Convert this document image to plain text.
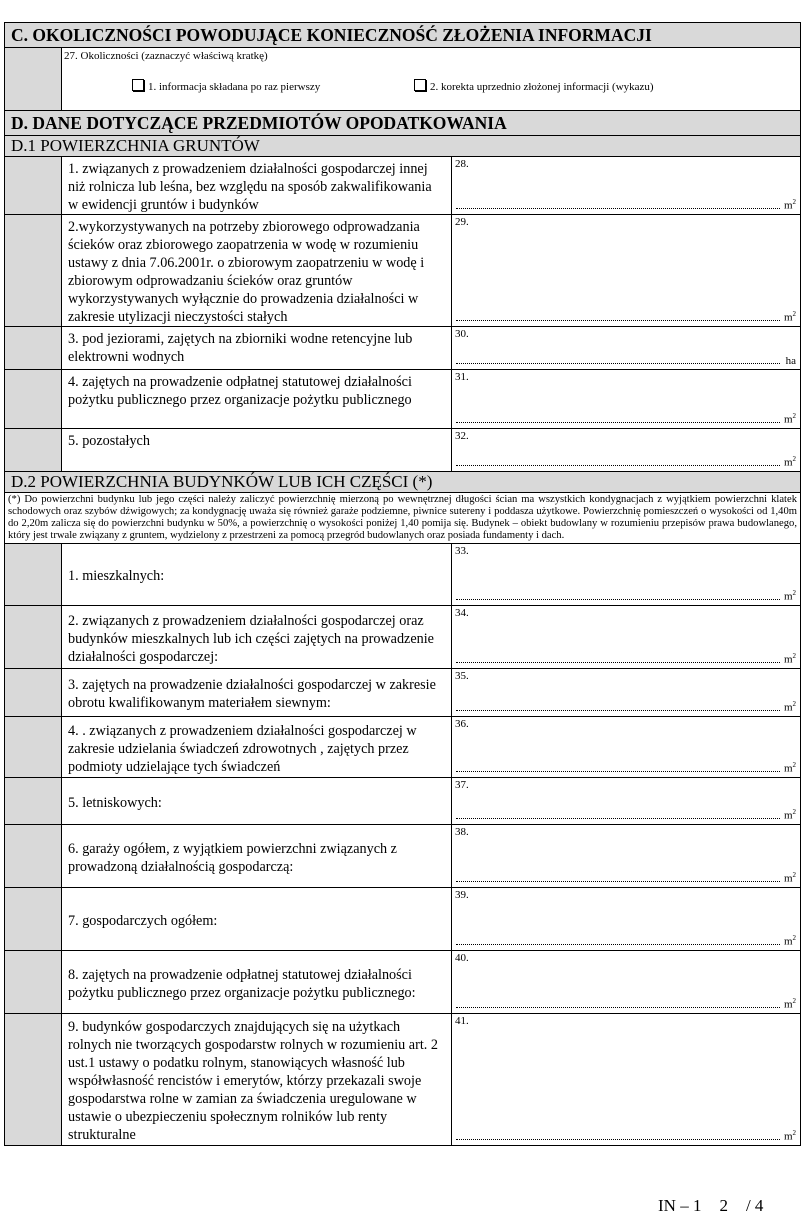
C. OKOLICZNOŚCI POWODUJĄCE KONIECZNOŚĆ ZŁOŻENIA INFORMACJI
27. Okoliczności (zaznaczyć właściwą kratkę)
1. informacja składana po raz pierwszy	2. korekta uprzednio złożonej informacji (wykazu)
D. DANE DOTYCZĄCE PRZEDMIOTÓW OPODATKOWANIA
D.1 POWIERZCHNIA GRUNTÓW
1. związanych z prowadzeniem działalności gospodarczej innej niż rolnicza lub leśna, bez względu na sposób zakwalifikowania w ewidencji gruntów i budynków
28.
$m^2$
2.wykorzystywanych na potrzeby zbiorowego odprowadzania ścieków oraz zbiorowego zaopatrzenia w wodę w rozumieniu ustawy z dnia 7.06.2001r. o zbiorowym zaopatrzeniu w wodę i zbiorowym odprowadzaniu ścieków oraz gruntów wykorzystywanych wyłącznie do prowadzenia działalności w zakresie utylizacji nieczystości stałych
29.
$m^2$
3. pod jeziorami, zajętych na zbiorniki wodne retencyjne lub elektrowni wodnych
30.
ha
4. zajętych na prowadzenie odpłatnej statutowej działalności pożytku publicznego przez organizacje pożytku publicznego
31.
$m^2$
5. pozostałych	32.
$m^2$
D.2 POWIERZCHNIA BUDYNKÓW LUB ICH CZĘŚCI (*)
(*) Do powierzchni budynku lub jego części należy zaliczyć powierzchnię mierzoną po wewnętrznej długości ścian ma wszystkich kondygnacjach z wyjątkiem powierzchni klatek schodowych oraz szybów dźwigowych; za kondygnację uważa się również garaże podziemne, piwnice sutereny i poddasza użytkowe. Powierzchnię pomieszczeń o wysokości od 1,40m do 2,20m zalicza się do powierzchni budynku w 50%, a powierzchnię o wysokości poniżej 1,40 pomija się. Budynek – obiekt budowlany w rozumieniu przepisów prawa budowlanego, który jest trwale związany z gruntem, wydzielony z przestrzeni za pomocą przegród budowlanych oraz posiada fundamenty i dach.
1. mieszkalnych:
33.
$m^2$
2. związanych z prowadzeniem działalności gospodarczej oraz budynków mieszkalnych lub ich części zajętych na prowadzenie działalności gospodarczej:
34.
$m^2$
3. zajętych na prowadzenie działalności gospodarczej w zakresie obrotu kwalifikowanym materiałem siewnym:
35.
$m^2$
4. . związanych z prowadzeniem działalności gospodarczej w zakresie udzielania świadczeń zdrowotnych , zajętych przez podmioty udzielające tych świadczeń
36.
$m^2$
5. letniskowych:
37.
$m^2$
6. garaży ogółem, z wyjątkiem powierzchni związanych z prowadzoną działalnością gospodarczą:
38.
$m^2$
7. gospodarczych ogółem:
39.
$m^2$
8. zajętych na prowadzenie odpłatnej statutowej działalności pożytku publicznego przez organizacje pożytku publicznego:
40.
$m^2$
9. budynków gospodarczych znajdujących się na użytkach rolnych nie tworzących gospodarstw rolnych w rozumieniu art. 2 ust.1 ustawy o podatku rolnym, stanowiących własność lub współwłasność rencistów i emerytów, którzy przekazali swoje gospodarstwa rolne w zamian za świadczenia uregulowane w ustawie o ubezpieczeniu społecznym rolników lub renty strukturalne
41.
$m^2$
IN – 1 2 / 4
